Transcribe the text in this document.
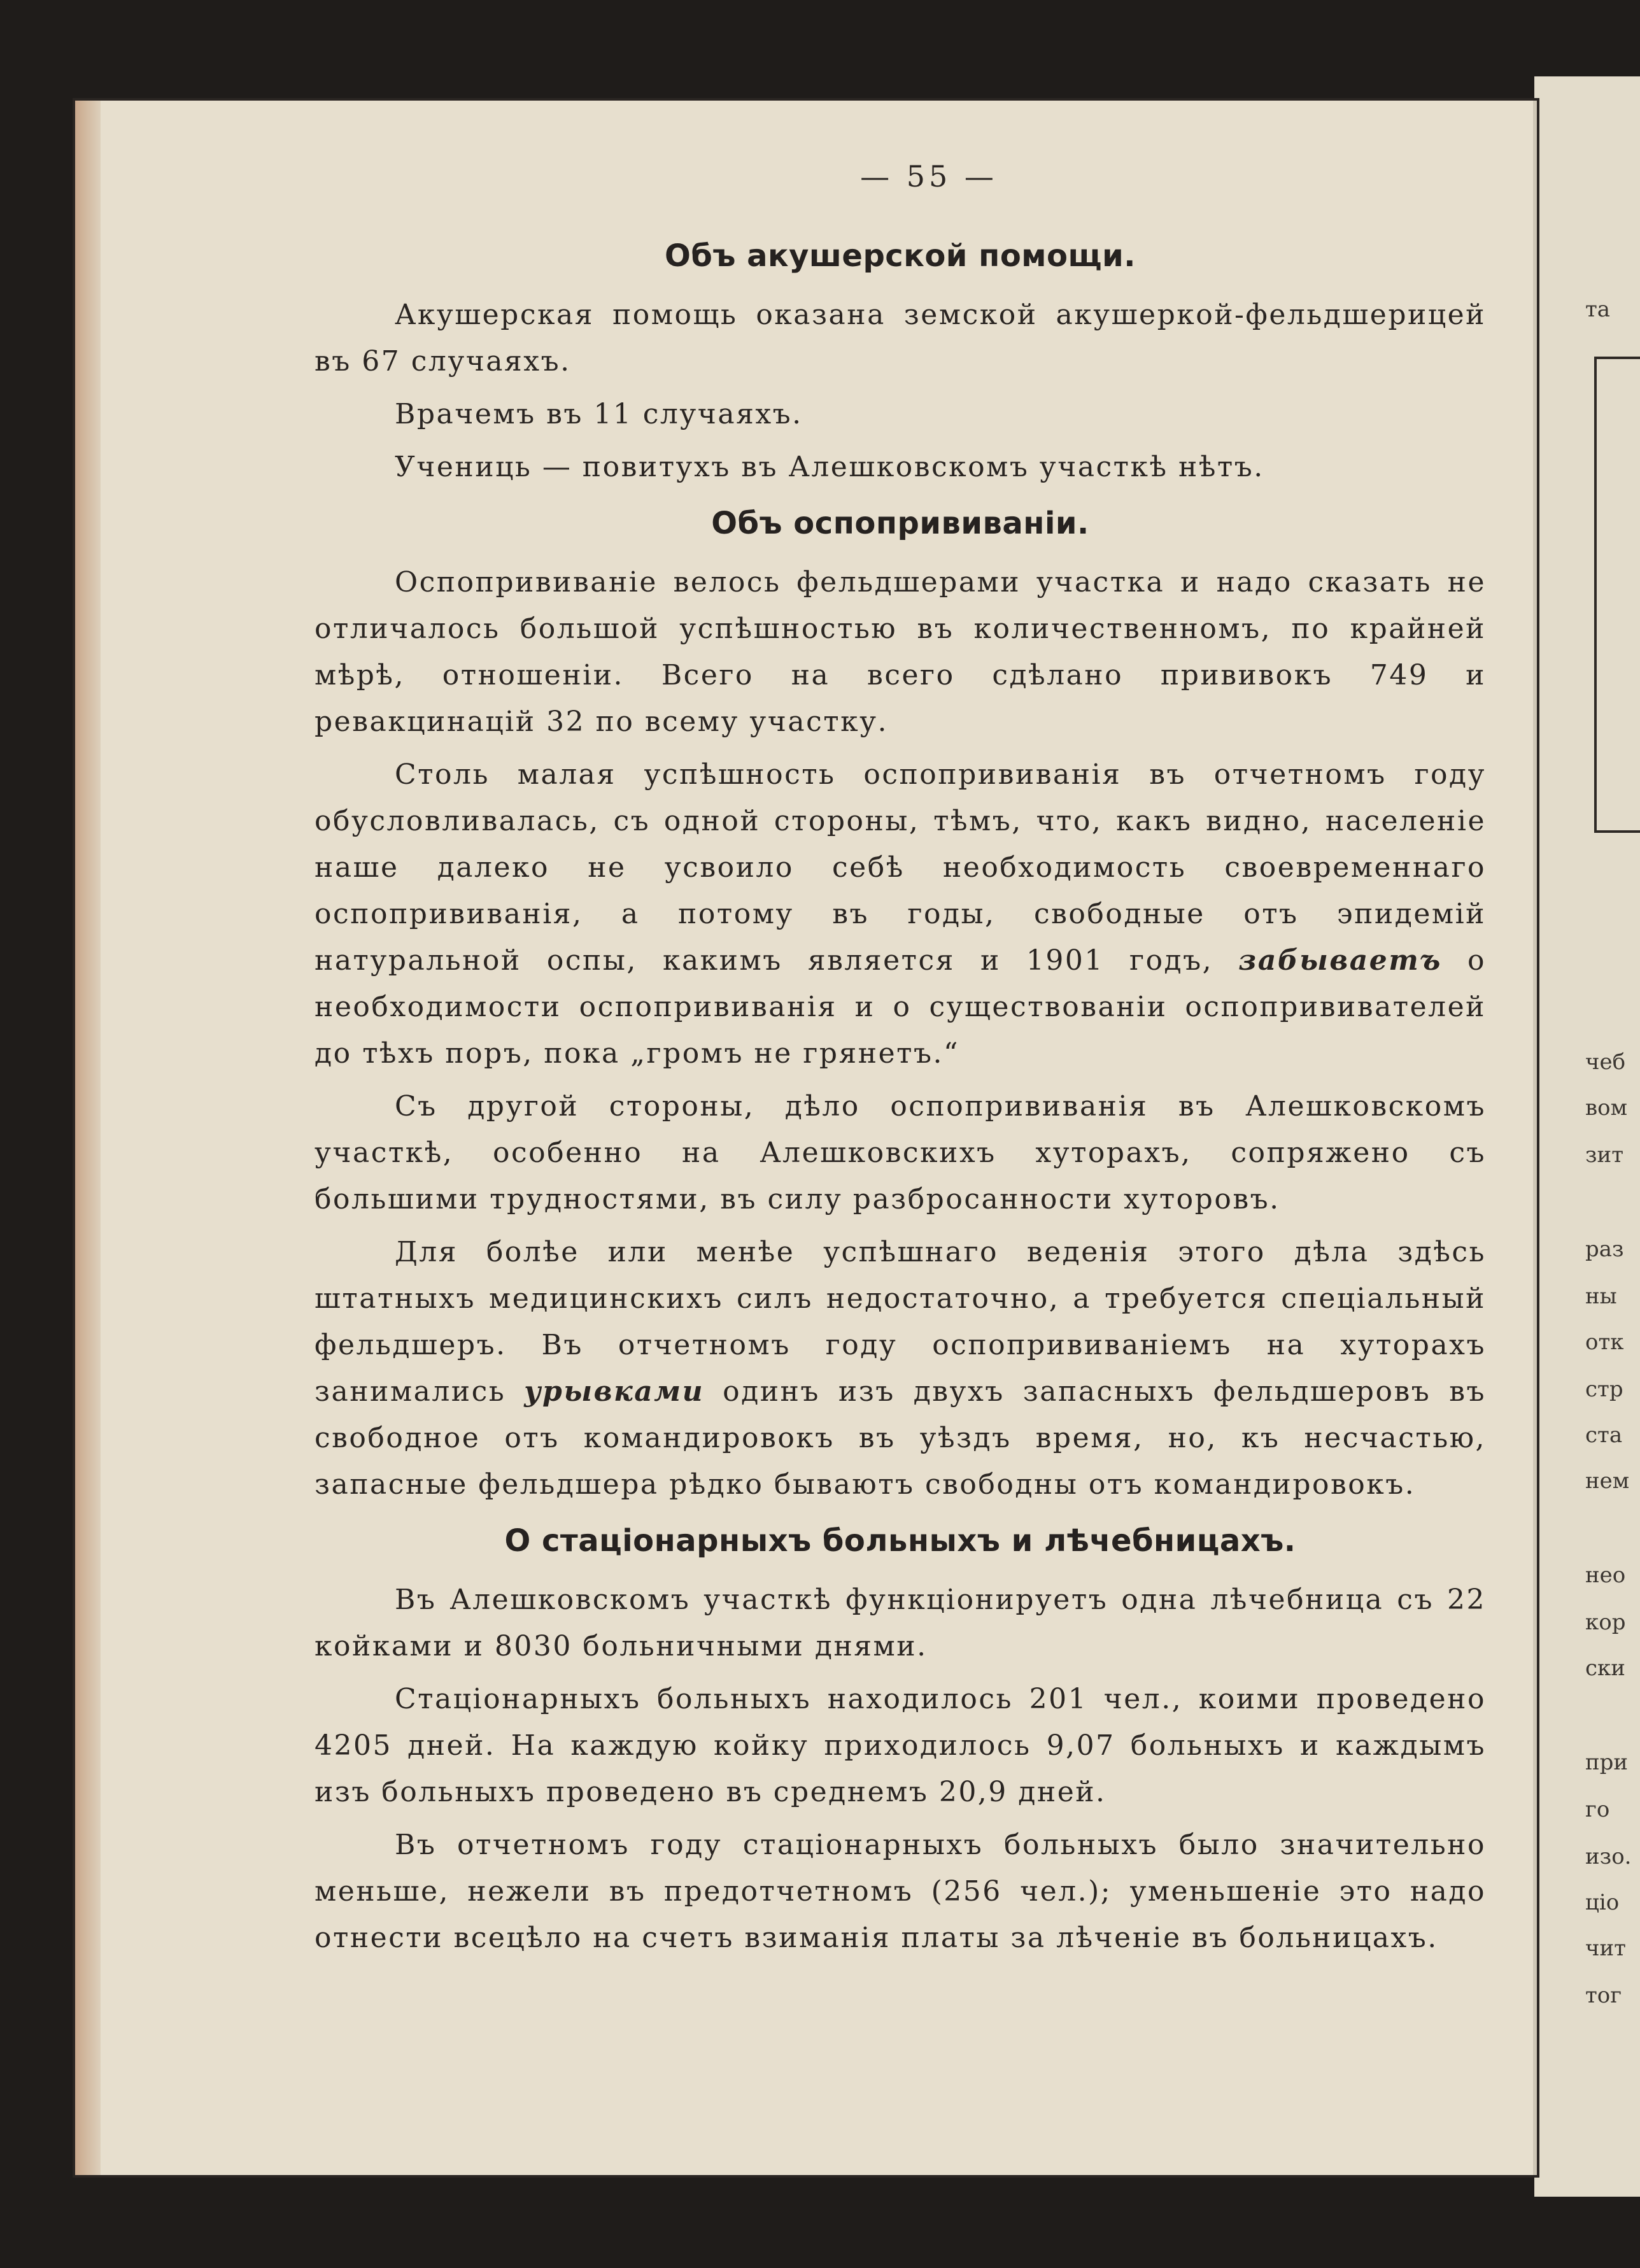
та
чеб
вом
зит
раз
ны
отк
стр
ста
нем
нео
кор
ски
при
го
изо.
ціо
чит
тог
— 55 —
Объ акушерской помощи.

Акушерская помощь оказана земской акушеркой-фельдшерицей въ 67 случаяхъ.

Врачемъ въ 11 случаяхъ.

Учениць — повитухъ въ Алешковскомъ участкѣ нѣтъ.

Объ оспопрививаніи.

Оспопрививаніе велось фельдшерами участка и надо сказать не отличалось большой успѣшностью въ количественномъ, по крайней мѣрѣ, отношеніи. Всего на всего сдѣлано прививокъ 749 и ревакцинацій 32 по всему участку.

Столь малая успѣшность оспопрививанія въ отчетномъ году обусловливалась, съ одной стороны, тѣмъ, что, какъ видно, населеніе наше далеко не усвоило себѣ необходимость своевременнаго оспопрививанія, а потому въ годы, свободные отъ эпидемій натуральной оспы, какимъ является и 1901 годъ, забываетъ о необходимости оспопрививанія и о существованіи оспопрививателей до тѣхъ поръ, пока „громъ не грянетъ.“

Съ другой стороны, дѣло оспопрививанія въ Алешковскомъ участкѣ, особенно на Алешковскихъ хуторахъ, сопряжено съ большими трудностями, въ силу разбросанности хуторовъ.

Для болѣе или менѣе успѣшнаго веденія этого дѣла здѣсь штатныхъ медицинскихъ силъ недостаточно, а требуется спеціальный фельдшеръ. Въ отчетномъ году оспопрививаніемъ на хуторахъ занимались урывками одинъ изъ двухъ запасныхъ фельдшеровъ въ свободное отъ командировокъ въ уѣздъ время, но, къ несчастью, запасные фельдшера рѣдко бываютъ свободны отъ командировокъ.

О стаціонарныхъ больныхъ и лѣчебницахъ.

Въ Алешковскомъ участкѣ функціонируетъ одна лѣчебница съ 22 койками и 8030 больничными днями.

Стаціонарныхъ больныхъ находилось 201 чел., коими проведено 4205 дней. На каждую койку приходилось 9,07 больныхъ и каждымъ изъ больныхъ проведено въ среднемъ 20,9 дней.

Въ отчетномъ году стаціонарныхъ больныхъ было значительно меньше, нежели въ предотчетномъ (256 чел.); уменьшеніе это надо отнести всецѣло на счетъ взиманія платы за лѣченіе въ больницахъ.
